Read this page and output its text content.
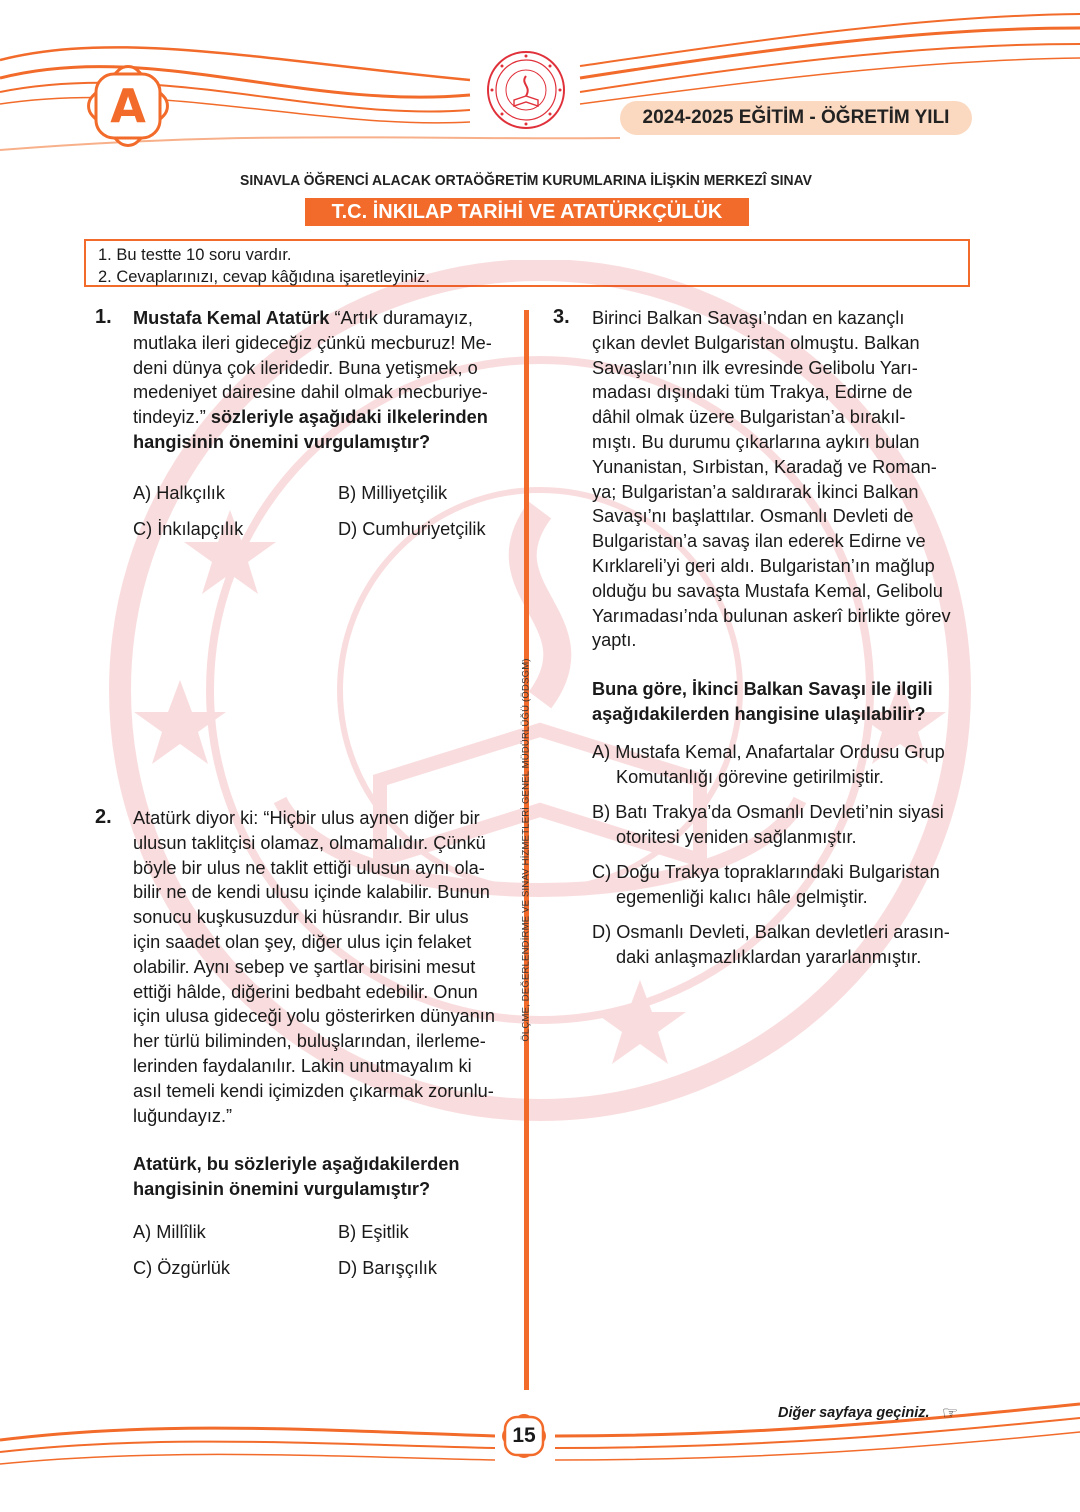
A	2024-2025 EĞİTİM - ÖĞRETİM YILI
SINAVLA ÖĞRENCİ ALACAK ORTAÖĞRETİM KURUMLARINA İLİŞKİN MERKEZÎ SINAV
T.C. İNKILAP TARİHİ VE ATATÜRKÇÜLÜK
1. Bu testte 10 soru vardır.
2. Cevaplarınızı, cevap kâğıdına işaretleyiniz.
ÖLÇME, DEĞERLENDİRME VE SINAV HİZMETLERİ GENEL MÜDÜRLÜĞÜ (ÖDSGM)
1. Mustafa Kemal Atatürk “Artık duramayız,
mutlaka ileri gideceğiz çünkü mecburuz! Me-
deni dünya çok ileridedir. Buna yetişmek, o
medeniyet dairesine dahil olmak mecburiye-
tindeyiz.” sözleriyle aşağıdaki ilkelerinden
hangisinin önemini vurgulamıştır?
A) Halkçılık	B) Milliyetçilik
C) İnkılapçılık	D) Cumhuriyetçilik
2. Atatürk diyor ki: “Hiçbir ulus aynen diğer bir
ulusun taklitçisi olamaz, olmamalıdır. Çünkü
böyle bir ulus ne taklit ettiği ulusun aynı ola-
bilir ne de kendi ulusu içinde kalabilir. Bunun
sonucu kuşkusuzdur ki hüsrandır. Bir ulus
için saadet olan şey, diğer ulus için felaket
olabilir. Aynı sebep ve şartlar birisini mesut
ettiği hâlde, diğerini bedbaht edebilir. Onun
için ulusa gideceği yolu gösterirken dünyanın
her türlü biliminden, buluşlarından, ilerleme-
lerinden faydalanılır. Lakin unutmayalım ki
asıl temeli kendi içimizden çıkarmak zorunlu-
luğundayız.”
Atatürk, bu sözleriyle aşağıdakilerden
hangisinin önemini vurgulamıştır?
A) Millîlik	B) Eşitlik
C) Özgürlük	D) Barışçılık
3. Birinci Balkan Savaşı’ndan en kazançlı
çıkan devlet Bulgaristan olmuştu. Balkan
Savaşları’nın ilk evresinde Gelibolu Yarı-
madası dışındaki tüm Trakya, Edirne de
dâhil olmak üzere Bulgaristan’a bırakıl-
mıştı. Bu durumu çıkarlarına aykırı bulan
Yunanistan, Sırbistan, Karadağ ve Roman-
ya; Bulgaristan’a saldırarak İkinci Balkan
Savaşı’nı başlattılar. Osmanlı Devleti de
Bulgaristan’a savaş ilan ederek Edirne ve
Kırklareli’yi geri aldı. Bulgaristan’ın mağlup
olduğu bu savaşta Mustafa Kemal, Gelibolu
Yarımadası’nda bulunan askerî birlikte görev
yaptı.
Buna göre, İkinci Balkan Savaşı ile ilgili
aşağıdakilerden hangisine ulaşılabilir?
A) Mustafa Kemal, Anafartalar Ordusu Grup
Komutanlığı görevine getirilmiştir.
B) Batı Trakya’da Osmanlı Devleti’nin siyasi
otoritesi yeniden sağlanmıştır.
C) Doğu Trakya topraklarındaki Bulgaristan
egemenliği kalıcı hâle gelmiştir.
D) Osmanlı Devleti, Balkan devletleri arasın-
daki anlaşmazlıklardan yararlanmıştır.
15
Diğer sayfaya geçiniz. ☞
